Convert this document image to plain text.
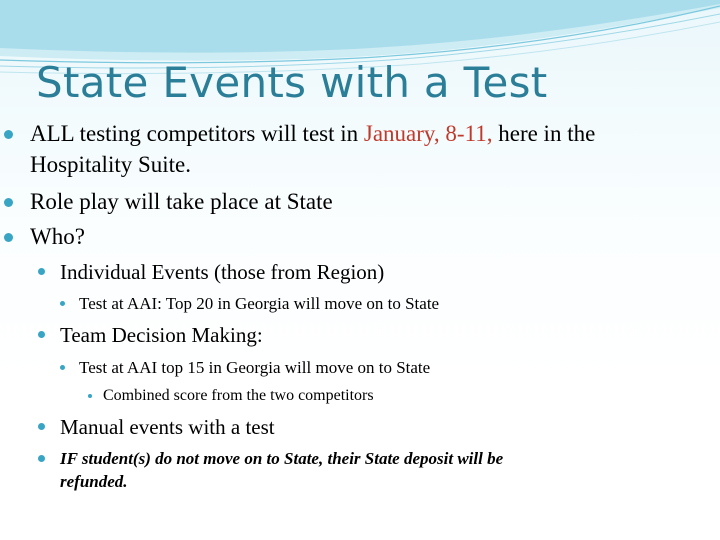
State Events with a Test
ALL testing competitors will test in January, 8-11, here in the
Hospitality Suite.
Role play will take place at State
Who?
Individual Events (those from Region)
Test at AAI: Top 20 in Georgia will move on to State
Team Decision Making:
Test at AAI top 15 in Georgia will move on to State
Combined score from the two competitors
Manual events with a test
IF student(s) do not move on to State, their State deposit will be
refunded.
